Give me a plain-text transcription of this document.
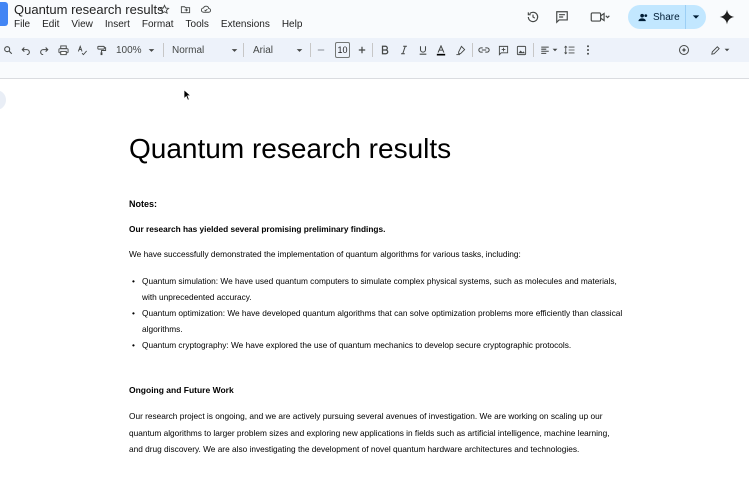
Quantum research results
File Edit View Insert Format Tools Extensions Help
Share
100%	Normal	Arial	10
Quantum research results
Notes:
Our research has yielded several promising preliminary findings.
We have successfully demonstrated the implementation of quantum algorithms for various tasks, including:
• Quantum simulation: We have used quantum computers to simulate complex physical systems, such as molecules and materials, with unprecedented accuracy.
• Quantum optimization: We have developed quantum algorithms that can solve optimization problems more efficiently than classical algorithms.
• Quantum cryptography: We have explored the use of quantum mechanics to develop secure cryptographic protocols.
Ongoing and Future Work
Our research project is ongoing, and we are actively pursuing several avenues of investigation. We are working on scaling up our quantum algorithms to larger problem sizes and exploring new applications in fields such as artificial intelligence, machine learning, and drug discovery. We are also investigating the development of novel quantum hardware architectures and technologies.
